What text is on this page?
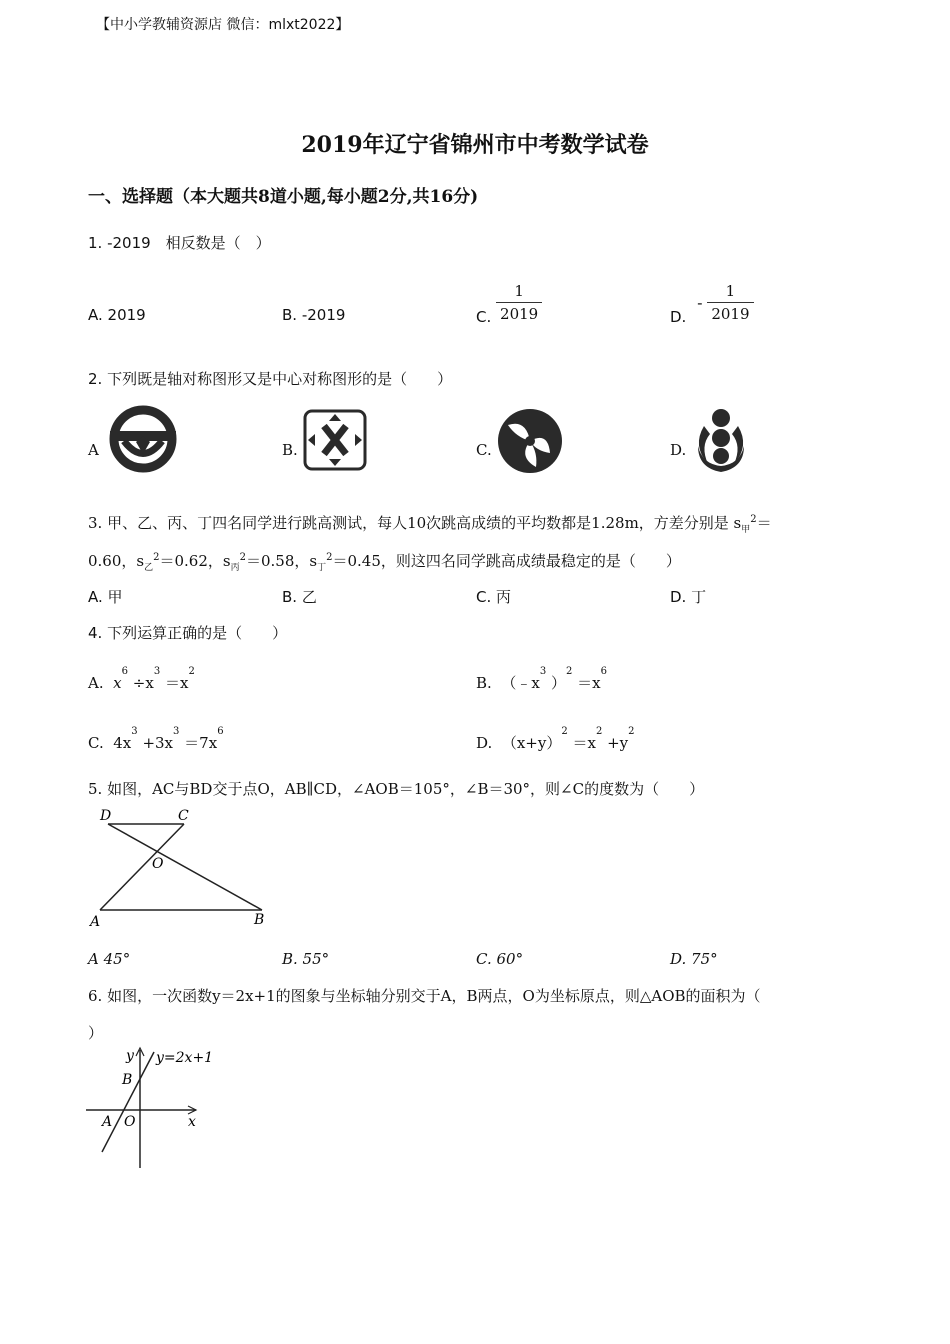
【中小学教辅资源店 微信：mlxt2022】
2019年辽宁省锦州市中考数学试卷
一、选择题（本大题共8道小题,每小题2分,共16分)
1. -2019　相反数是（　）
A. 2019	B. -2019	C. $\frac{1}{2019}$	D. - $\frac{1}{2019}$
2. 下列既是轴对称图形又是中心对称图形的是（　　）
A	B.	C.	D.
3. 甲、乙、丙、丁四名同学进行跳高测试，每人10次跳高成绩的平均数都是1.28m，方差分别是 $s_甲^2=$
0.60，$s_乙^2=0.62$，$s_丙^2=0.58$，$s_丁^2=0.45$，则这四名同学跳高成绩最稳定的是（　　）
A. 甲	B. 乙	C. 丙	D. 丁
4. 下列运算正确的是（　　）
A. $x^6 \div x^3 =x^2$
B. （$﹣x^3$ ）$^2 =x^6$
C. $4x^3 +3x^3 =7x^6$
D. $(x+y)^2 =x^2 +y^2$
5. 如图，AC与BD交于点O，AB∥CD，∠AOB＝105°，∠B＝30°，则∠C的度数为（　　）
D	C
O
A	B
A 45°	B. 55°	C. 60°	D. 75°
6. 如图，一次函数y＝2x+1的图象与坐标轴分别交于A，B两点，O为坐标原点，则△AOB的面积为（
）
y y=2x+1
B
A O	x
